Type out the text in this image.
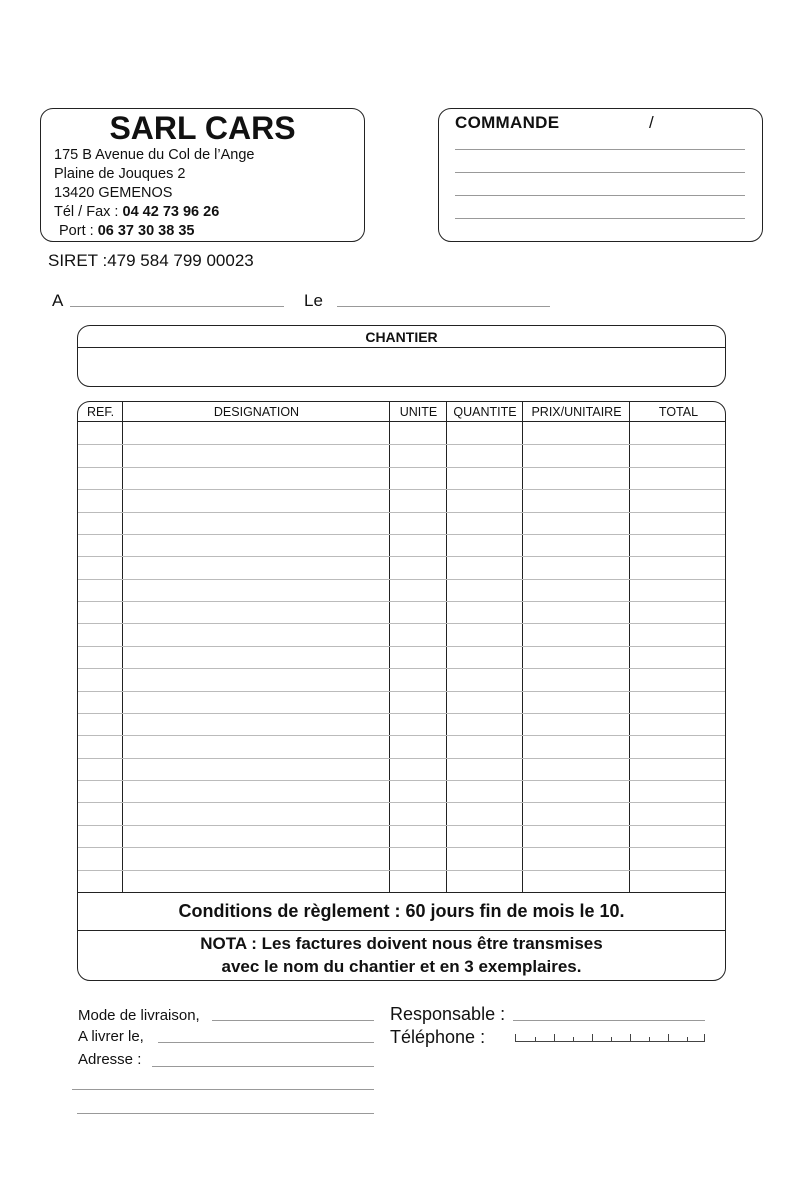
SARL CARS
175 B Avenue du Col de l’Ange
Plaine de Jouques 2
13420 GEMENOS
Tél / Fax : 04 42 73 96 26
Port : 06 37 30 38 35
COMMANDE	/
SIRET :479 584 799 00023
A	Le
CHANTIER
REF.	DESIGNATION	UNITE	QUANTITE	PRIX/UNITAIRE	TOTAL
Conditions de règlement : 60 jours fin de mois le 10.
NOTA : Les factures doivent nous être transmises
avec le nom du chantier et en 3 exemplaires.
Mode de livraison,
A livrer le,
Adresse :
Responsable :
Téléphone :
